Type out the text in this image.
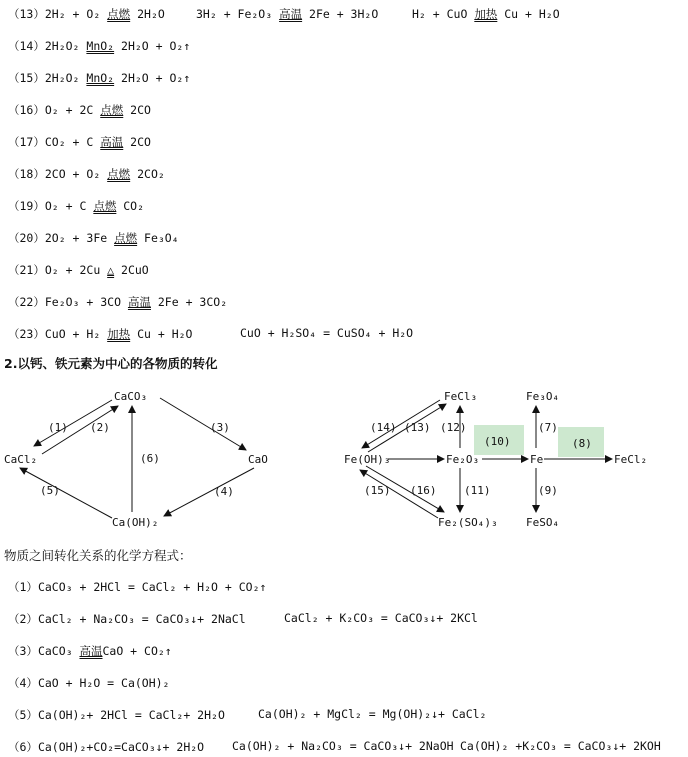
（13）2H₂ + O₂ 点燃 2H₂O	3H₂ + Fe₂O₃ 高温 2Fe + 3H₂O	H₂ + CuO 加热 Cu + H₂O
（14）2H₂O₂ MnO₂ 2H₂O + O₂↑
（15）2H₂O₂ MnO₂ 2H₂O + O₂↑
（16）O₂ + 2C 点燃 2CO
（17）CO₂ + C 高温 2CO
（18）2CO + O₂ 点燃 2CO₂
（19）O₂ + C 点燃 CO₂
（20）2O₂ + 3Fe 点燃 Fe₃O₄
（21）O₂ + 2Cu △ 2CuO
（22）Fe₂O₃ + 3CO 高温 2Fe + 3CO₂
（23）CuO + H₂ 加热 Cu + H₂O	CuO + H₂SO₄ = CuSO₄ + H₂O
2.以钙、铁元素为中心的各物质的转化
CaCO₃
CaCl₂	CaO
Ca(OH)₂
(1) (2)	(3)
(4)
(5)
(6)
FeCl₃
Fe(OH)₃	Fe₂O₃
Fe₂(SO₄)₃
Fe₃O₄
Fe
FeSO₄
FeCl₂
(14) (13) (12)
(10)
(7)
(8)
(9)
(11)
(15) (16)
物质之间转化关系的化学方程式：
（1）CaCO₃ + 2HCl = CaCl₂ + H₂O + CO₂↑
（2）CaCl₂ + Na₂CO₃ = CaCO₃↓+ 2NaCl	CaCl₂ + K₂CO₃ = CaCO₃↓+ 2KCl
（3）CaCO₃ 高温CaO + CO₂↑
（4）CaO + H₂O = Ca(OH)₂
（5）Ca(OH)₂+ 2HCl = CaCl₂+ 2H₂O	Ca(OH)₂ + MgCl₂ = Mg(OH)₂↓+ CaCl₂
（6）Ca(OH)₂+CO₂=CaCO₃↓+ 2H₂O Ca(OH)₂ + Na₂CO₃ = CaCO₃↓+ 2NaOH Ca(OH)₂ +K₂CO₃ = CaCO₃↓+ 2KOH
